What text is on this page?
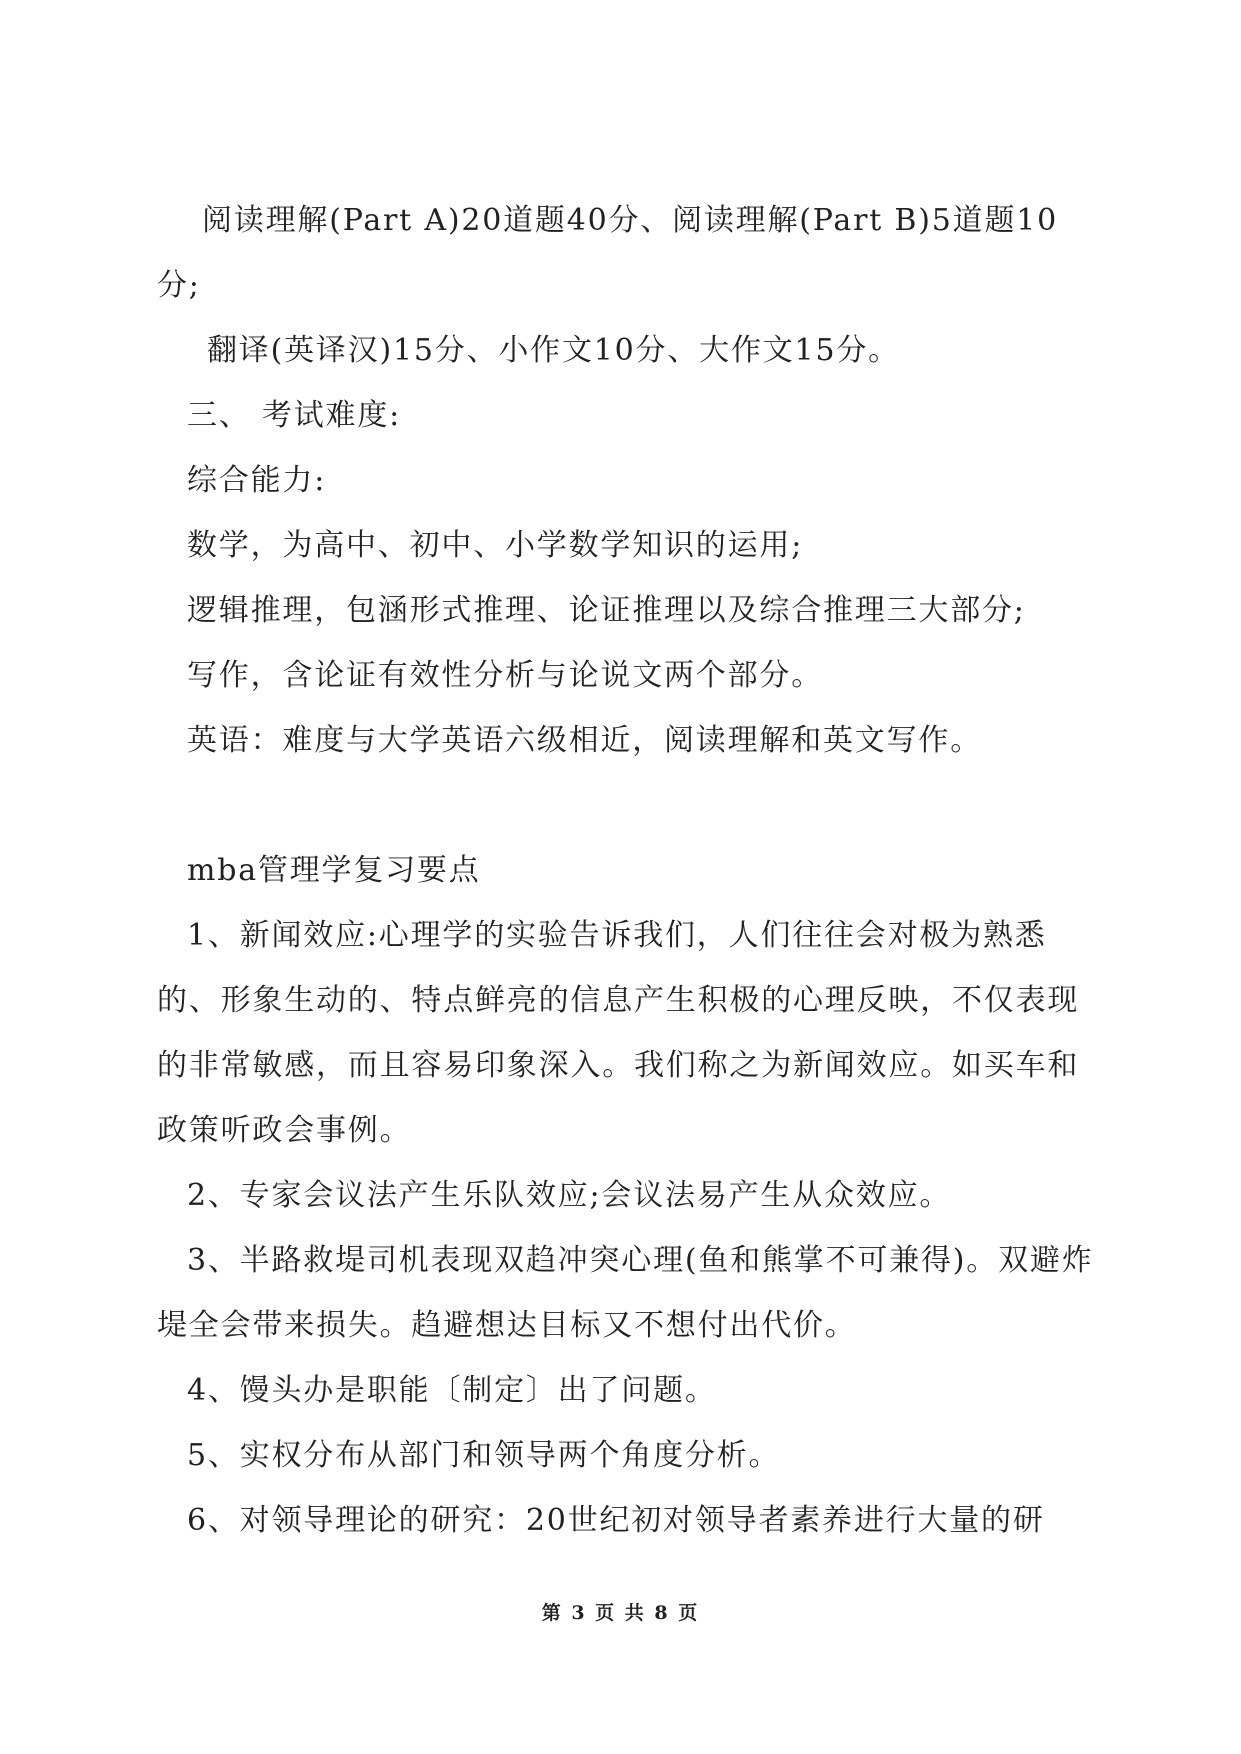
阅读理解(Part A)20道题40分、阅读理解(Part B)5道题10分;

翻译(英译汉)15分、小作文10分、大作文15分。

三、 考试难度:

综合能力:

数学，为高中、初中、小学数学知识的运用;

逻辑推理，包涵形式推理、论证推理以及综合推理三大部分;

写作，含论证有效性分析与论说文两个部分。

英语：难度与大学英语六级相近，阅读理解和英文写作。

mba管理学复习要点

1、新闻效应:心理学的实验告诉我们，人们往往会对极为熟悉的、形象生动的、特点鲜亮的信息产生积极的心理反映，不仅表现的非常敏感，而且容易印象深入。我们称之为新闻效应。如买车和政策听政会事例。

2、专家会议法产生乐队效应;会议法易产生从众效应。

3、半路救堤司机表现双趋冲突心理(鱼和熊掌不可兼得)。双避炸堤全会带来损失。趋避想达目标又不想付出代价。

4、馒头办是职能〔制定〕出了问题。

5、实权分布从部门和领导两个角度分析。

6、对领导理论的研究：20世纪初对领导者素养进行大量的研

第 3 页 共 8 页
